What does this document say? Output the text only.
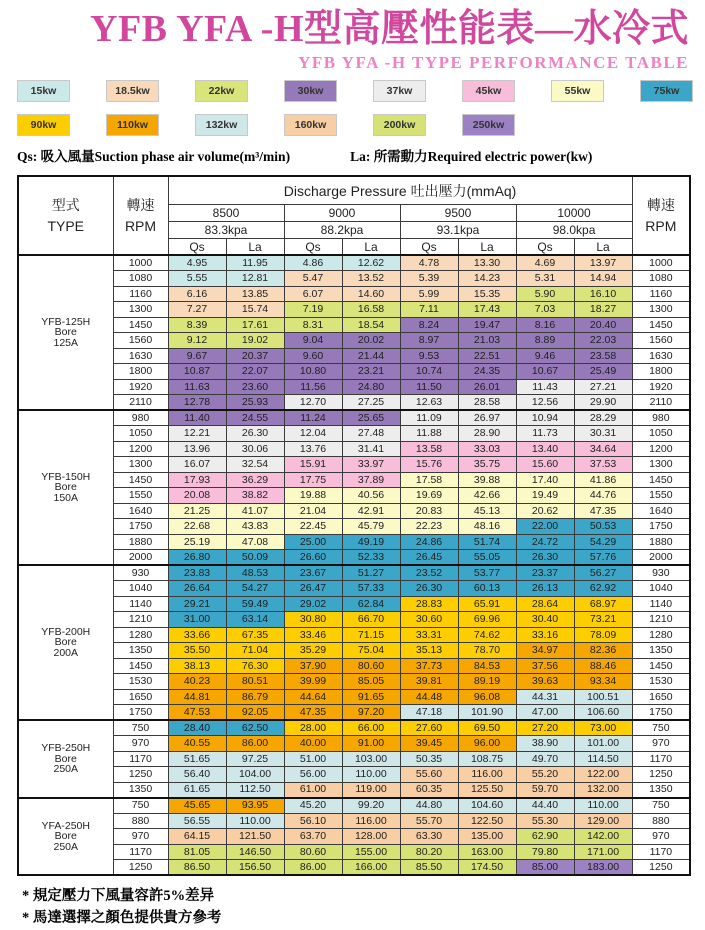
YFB YFA -H型高壓性能表—水冷式
YFB YFA -H TYPE PERFORMANCE TABLE
15kw	18.5kw	22kw	30kw	37kw	45kw	55kw	75kw
90kw	110kw	132kw	160kw	200kw	250kw
Qs: 吸入風量Suction phase air volume(m³/min)	La: 所需動力Required electric power(kw)
型式
TYPE

轉速
RPM
	Discharge Pressure 吐出壓力(mmAq)	
轉速
RPM

		8500		9000		9500		10000		
		83.3kpa		88.2kpa		93.1kpa		98.0kpa		
		Qs	La	Qs	La	Qs	La	Qs	La	

YFB-125H
Bore
125A	1000	4.95	11.95	4.86	12.62	4.78	13.30	4.69	13.97	1000
	1080	5.55	12.81	5.47	13.52	5.39	14.23	5.31	14.94	1080
	1160	6.16	13.85	6.07	14.60	5.99	15.35	5.90	16.10	1160
	1300	7.27	15.74	7.19	16.58	7.11	17.43	7.03	18.27	1300
	1450	8.39	17.61	8.31	18.54	8.24	19.47	8.16	20.40	1450
	1560	9.12	19.02	9.04	20.02	8.97	21.03	8.89	22.03	1560
	1630	9.67	20.37	9.60	21.44	9.53	22.51	9.46	23.58	1630
	1800	10.87	22.07	10.80	23.21	10.74	24.35	10.67	25.49	1800
	1920	11.63	23.60	11.56	24.80	11.50	26.01	11.43	27.21	1920
	2110	12.78	25.93	12.70	27.25	12.63	28.58	12.56	29.90	2110

YFB-150H
Bore
150A	980	11.40	24.55	11.24	25.65	11.09	26.97	10.94	28.29	980
	1050	12.21	26.30	12.04	27.48	11.88	28.90	11.73	30.31	1050
	1200	13.96	30.06	13.76	31.41	13.58	33.03	13.40	34.64	1200
	1300	16.07	32.54	15.91	33.97	15.76	35.75	15.60	37.53	1300
	1450	17.93	36.29	17.75	37.89	17.58	39.88	17.40	41.86	1450
	1550	20.08	38.82	19.88	40.56	19.69	42.66	19.49	44.76	1550
	1640	21.25	41.07	21.04	42.91	20.83	45.13	20.62	47.35	1640
	1750	22.68	43.83	22.45	45.79	22.23	48.16	22.00	50.53	1750
	1880	25.19	47.08	25.00	49.19	24.86	51.74	24.72	54.29	1880
	2000	26.80	50.09	26.60	52.33	26.45	55.05	26.30	57.76	2000

YFB-200H
Bore
200A	930	23.83	48.53	23.67	51.27	23.52	53.77	23.37	56.27	930
	1040	26.64	54.27	26.47	57.33	26.30	60.13	26.13	62.92	1040
	1140	29.21	59.49	29.02	62.84	28.83	65.91	28.64	68.97	1140
	1210	31.00	63.14	30.80	66.70	30.60	69.96	30.40	73.21	1210
	1280	33.66	67.35	33.46	71.15	33.31	74.62	33.16	78.09	1280
	1350	35.50	71.04	35.29	75.04	35.13	78.70	34.97	82.36	1350
	1450	38.13	76.30	37.90	80.60	37.73	84.53	37.56	88.46	1450
	1530	40.23	80.51	39.99	85.05	39.81	89.19	39.63	93.34	1530
	1650	44.81	86.79	44.64	91.65	44.48	96.08	44.31	100.51	1650
	1750	47.53	92.05	47.35	97.20	47.18	101.90	47.00	106.60	1750

YFB-250H
Bore
250A	750	28.40	62.50	28.00	66.00	27.60	69.50	27.20	73.00	750
	970	40.55	86.00	40.00	91.00	39.45	96.00	38.90	101.00	970
	1170	51.65	97.25	51.00	103.00	50.35	108.75	49.70	114.50	1170
	1250	56.40	104.00	56.00	110.00	55.60	116.00	55.20	122.00	1250
	1350	61.65	112.50	61.00	119.00	60.35	125.50	59.70	132.00	1350

YFA-250H
Bore
250A	750	45.65	93.95	45.20	99.20	44.80	104.60	44.40	110.00	750
	880	56.55	110.00	56.10	116.00	55.70	122.50	55.30	129.00	880
	970	64.15	121.50	63.70	128.00	63.30	135.00	62.90	142.00	970
	1170	81.05	146.50	80.60	155.00	80.20	163.00	79.80	171.00	1170
	1250	86.50	156.50	86.00	166.00	85.50	174.50	85.00	183.00	1250
* 規定壓力下風量容許5%差异
* 馬達選擇之顏色提供貴方參考
